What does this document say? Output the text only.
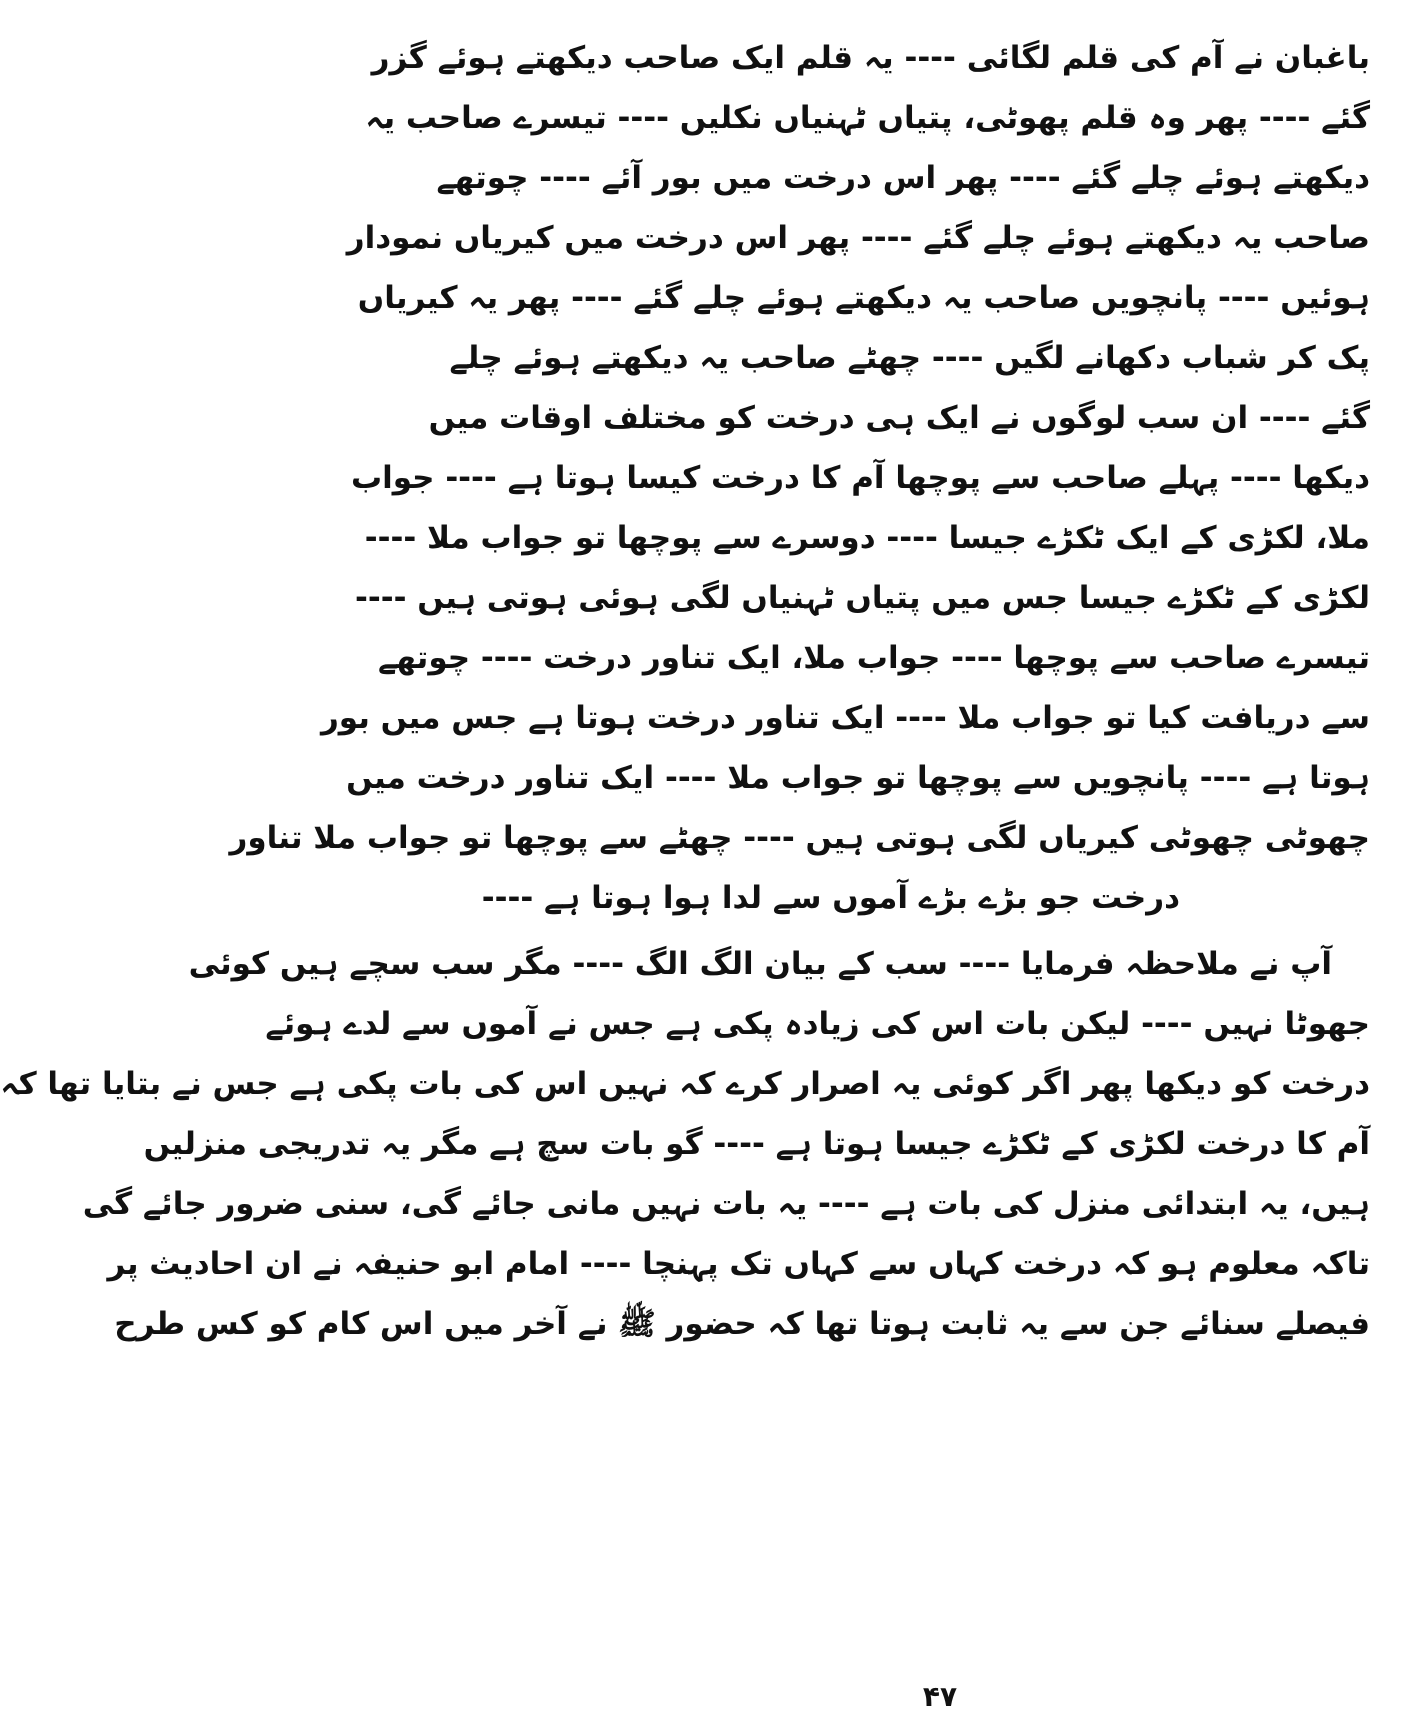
باغبان نے آم کی قلم لگائی ---- یہ قلم ایک صاحب دیکھتے ہوئے گزر
گئے ---- پھر وہ قلم پھوٹی، پتیاں ٹہنیاں نکلیں ---- تیسرے صاحب یہ
دیکھتے ہوئے چلے گئے ---- پھر اس درخت میں بور آئے ---- چوتھے
صاحب یہ دیکھتے ہوئے چلے گئے ---- پھر اس درخت میں کیریاں نمودار
ہوئیں ---- پانچویں صاحب یہ دیکھتے ہوئے چلے گئے ---- پھر یہ کیریاں
پک کر شباب دکھانے لگیں ---- چھٹے صاحب یہ دیکھتے ہوئے چلے
گئے ---- ان سب لوگوں نے ایک ہی درخت کو مختلف اوقات میں
دیکھا ---- پہلے صاحب سے پوچھا آم کا درخت کیسا ہوتا ہے ---- جواب
ملا، لکڑی کے ایک ٹکڑے جیسا ---- دوسرے سے پوچھا تو جواب ملا ----
لکڑی کے ٹکڑے جیسا جس میں پتیاں ٹہنیاں لگی ہوئی ہوتی ہیں ----
تیسرے صاحب سے پوچھا ---- جواب ملا، ایک تناور درخت ---- چوتھے
سے دریافت کیا تو جواب ملا ---- ایک تناور درخت ہوتا ہے جس میں بور
ہوتا ہے ---- پانچویں سے پوچھا تو جواب ملا ---- ایک تناور درخت میں
چھوٹی چھوٹی کیریاں لگی ہوتی ہیں ---- چھٹے سے پوچھا تو جواب ملا تناور
درخت جو بڑے بڑے آموں سے لدا ہوا ہوتا ہے ----
آپ نے ملاحظہ فرمایا ---- سب کے بیان الگ الگ ---- مگر سب سچے ہیں کوئی
جھوٹا نہیں ---- لیکن بات اس کی زیادہ پکی ہے جس نے آموں سے لدے ہوئے
درخت کو دیکھا پھر اگر کوئی یہ اصرار کرے کہ نہیں اس کی بات پکی ہے جس نے بتایا تھا کہ
آم کا درخت لکڑی کے ٹکڑے جیسا ہوتا ہے ---- گو بات سچ ہے مگر یہ تدریجی منزلیں
ہیں، یہ ابتدائی منزل کی بات ہے ---- یہ بات نہیں مانی جائے گی، سنی ضرور جائے گی
تاکہ معلوم ہو کہ درخت کہاں سے کہاں تک پہنچا ---- امام ابو حنیفہ نے ان احادیث پر
فیصلے سنائے جن سے یہ ثابت ہوتا تھا کہ حضور ﷺ نے آخر میں اس کام کو کس طرح
۴۷
